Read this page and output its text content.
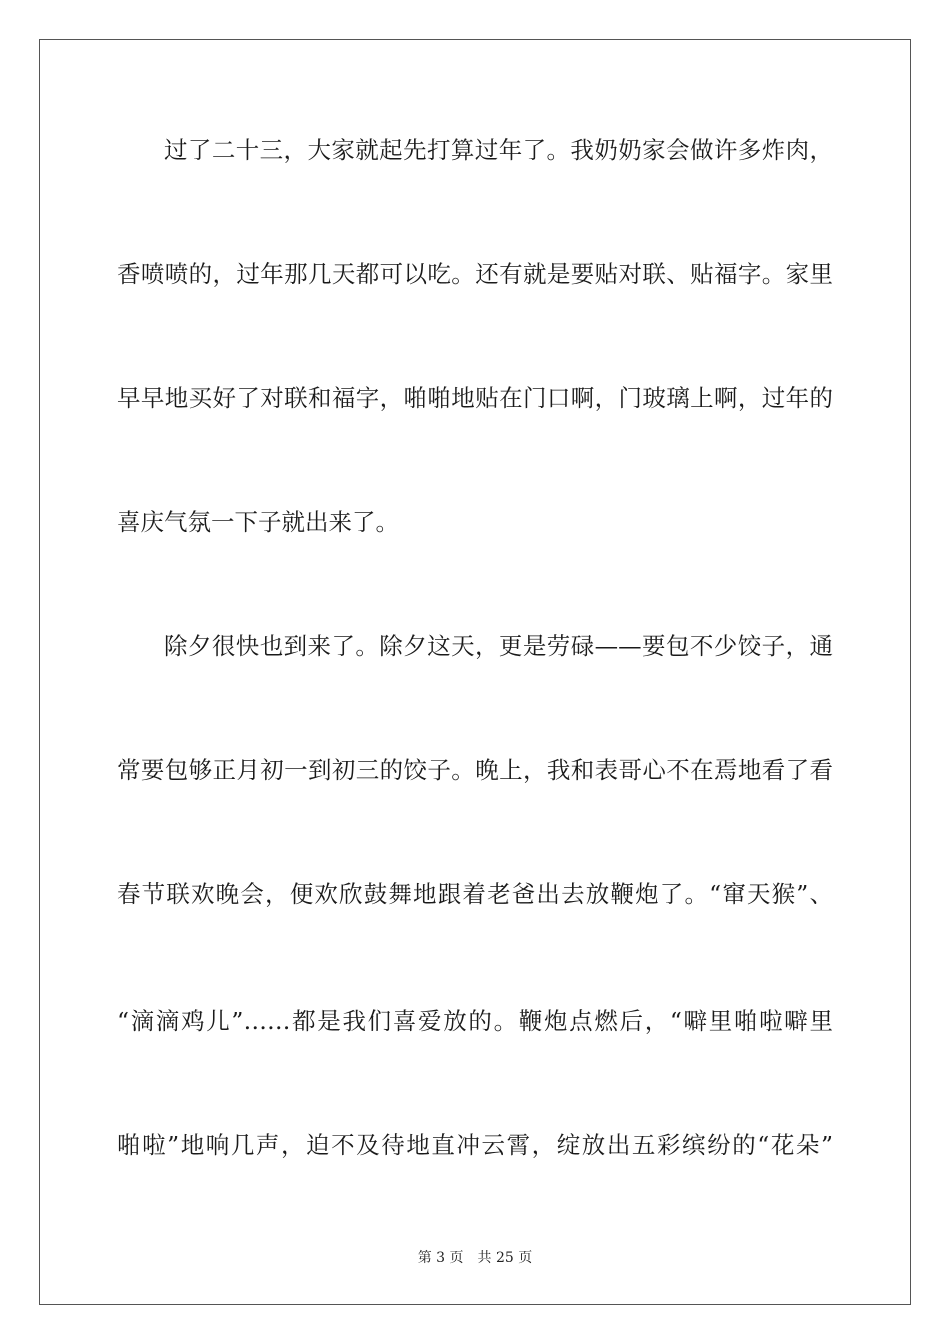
过了二十三，大家就起先打算过年了。我奶奶家会做许多炸肉，
香喷喷的，过年那几天都可以吃。还有就是要贴对联、贴福字。家里
早早地买好了对联和福字，啪啪地贴在门口啊，门玻璃上啊，过年的
喜庆气氛一下子就出来了。
除夕很快也到来了。除夕这天，更是劳碌——要包不少饺子，通
常要包够正月初一到初三的饺子。晚上，我和表哥心不在焉地看了看
春节联欢晚会，便欢欣鼓舞地跟着老爸出去放鞭炮了。“窜天猴”、
“滴滴鸡儿”……都是我们喜爱放的。鞭炮点燃后，“噼里啪啦噼里
啪啦”地响几声，迫不及待地直冲云霄，绽放出五彩缤纷的“花朵”
第 3 页　共 25 页
